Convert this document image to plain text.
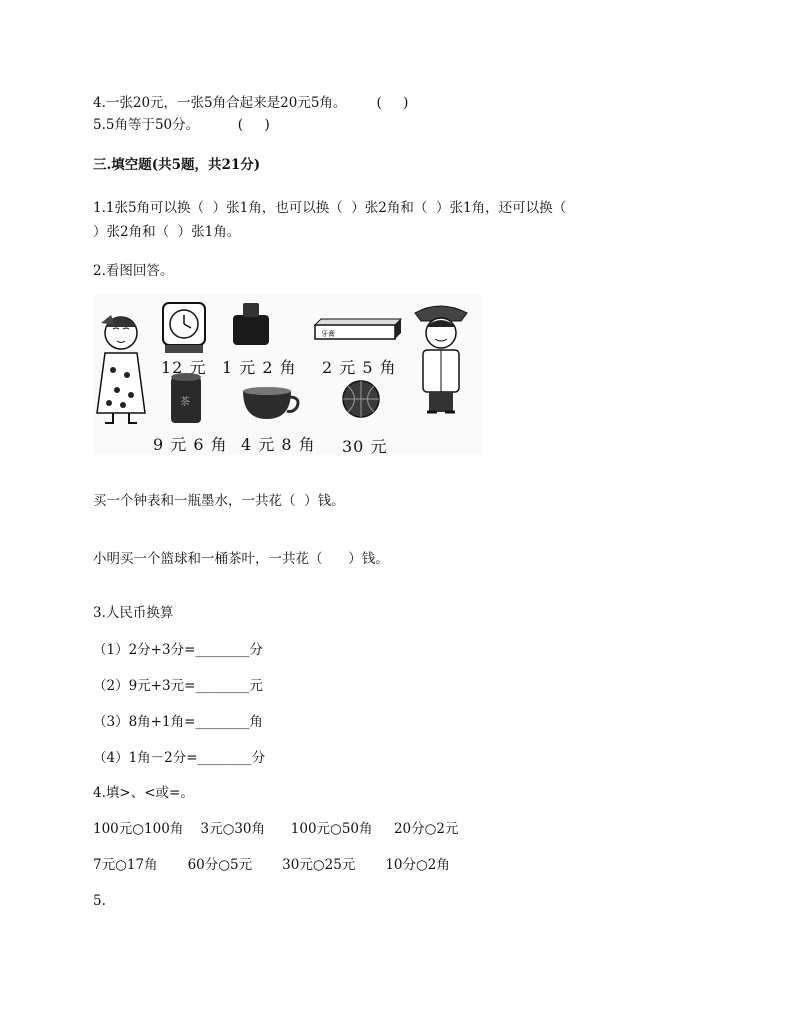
4.一张20元，一张5角合起来是20元5角。       (     )
5.5角等于50分。         (     )
三.填空题(共5题，共21分)
1.1张5角可以换（  ）张1角，也可以换（  ）张2角和（  ）张1角，还可以换（
）张2角和（  ）张1角。
2.看图回答。
牙膏
茶
12 元 1 元 2 角 2 元 5 角
9 元 6 角 4 元 8 角 30 元
买一个钟表和一瓶墨水，一共花（  ）钱。
小明买一个篮球和一桶茶叶，一共花（      ）钱。
3.人民币换算
（1）2分+3分=________分
（2）9元+3元=________元
（3）8角+1角=________角
（4）1角－2分=________分
4.填>、<或=。
100元○100角    3元○30角      100元○50角     20分○2元
7元○17角       60分○5元       30元○25元       10分○2角
5.
